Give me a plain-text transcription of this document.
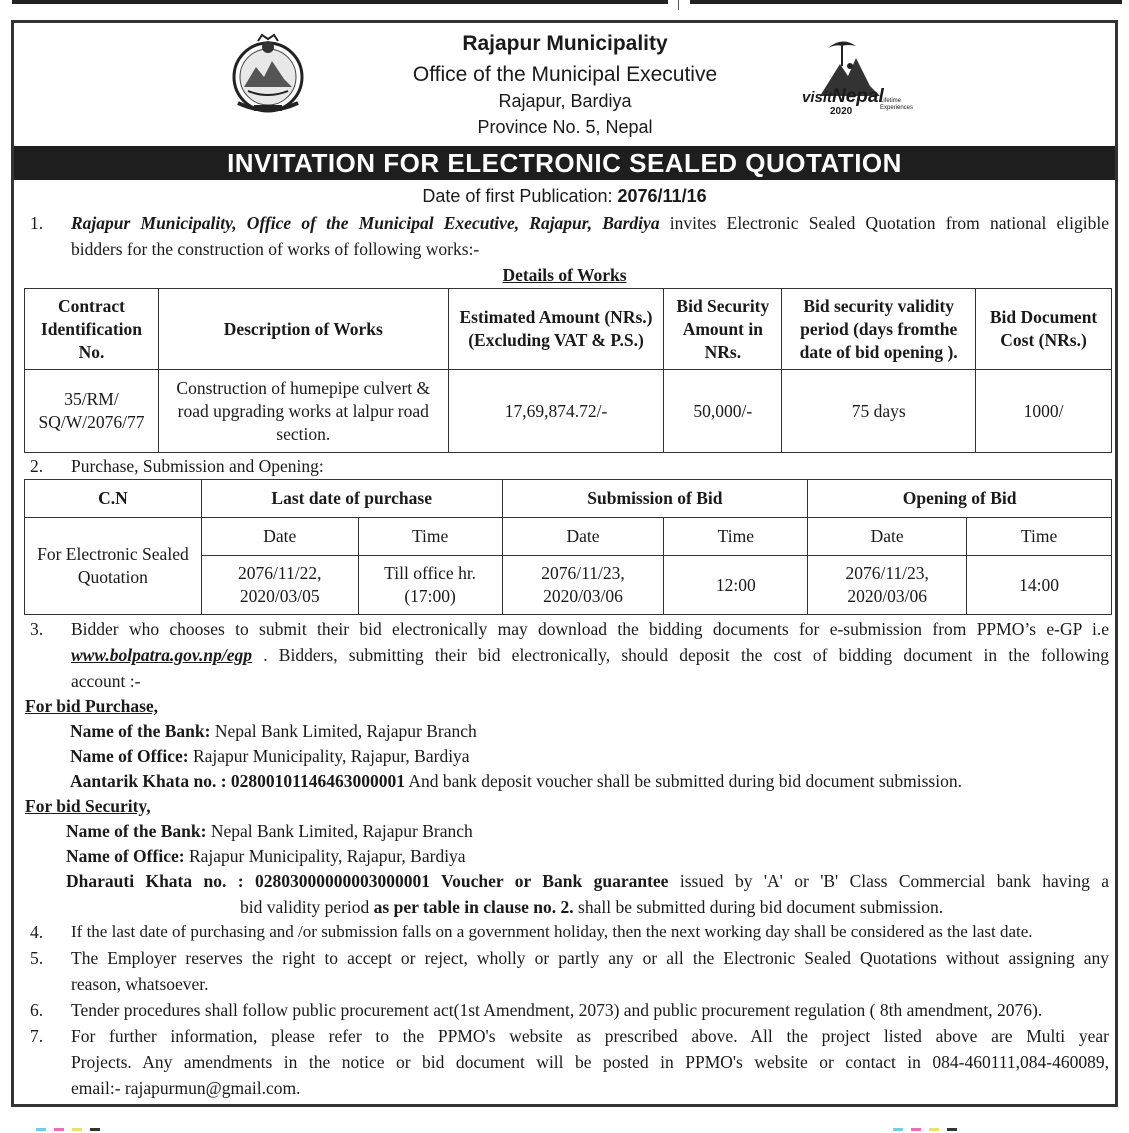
visitNepal
2020
Lifetime
Experiences
Rajapur Municipality
Office of the Municipal Executive
Rajapur, Bardiya
Province No. 5, Nepal
INVITATION FOR ELECTRONIC SEALED QUOTATION
Date of first Publication: 2076/11/16
1. Rajapur Municipality, Office of the Municipal Executive, Rajapur, Bardiya invites Electronic Sealed Quotation from national eligible
bidders for the construction of works of following works:-
Details of Works
Contract Identification No.	Description of Works	Estimated Amount (NRs.) (Excluding VAT & P.S.)	Bid Security Amount in NRs.	Bid security validity period (days fromthe date of bid opening ).	Bid Document Cost (NRs.)
35/RM/ SQ/W/2076/77	Construction of humepipe culvert & road upgrading works at lalpur road section.	17,69,874.72/-	50,000/-	75 days	1000/
2. Purchase, Submission and Opening:
C.N	Last date of purchase		Submission of Bid		Opening of Bid	
For Electronic Sealed Quotation	Date	Time	Date	Time	Date	Time
	2076/11/22, 2020/03/05	Till office hr. (17:00)	2076/11/23, 2020/03/06	12:00	2076/11/23, 2020/03/06	14:00
3. Bidder who chooses to submit their bid electronically may download the bidding documents for e-submission from PPMO’s e-GP i.e
www.bolpatra.gov.np/egp . Bidders, submitting their bid electronically, should deposit the cost of bidding document in the following
account :-
For bid Purchase,
Name of the Bank: Nepal Bank Limited, Rajapur Branch
Name of Office: Rajapur Municipality, Rajapur, Bardiya
Aantarik Khata no. : 02800101146463000001 And bank deposit voucher shall be submitted during bid document submission.
For bid Security,
Name of the Bank: Nepal Bank Limited, Rajapur Branch
Name of Office: Rajapur Municipality, Rajapur, Bardiya
Dharauti Khata no. : 02803000000003000001 Voucher or Bank guarantee issued by 'A' or 'B' Class Commercial bank having a
bid validity period as per table in clause no. 2. shall be submitted during bid document submission.
4. If the last date of purchasing and /or submission falls on a government holiday, then the next working day shall be considered as the last date.
5. The Employer reserves the right to accept or reject, wholly or partly any or all the Electronic Sealed Quotations without assigning any
reason, whatsoever.
6. Tender procedures shall follow public procurement act(1st Amendment, 2073) and public procurement regulation ( 8th amendment, 2076).
7. For further information, please refer to the PPMO's website as prescribed above. All the project listed above are Multi year
Projects. Any amendments in the notice or bid document will be posted in PPMO's website or contact in 084-460111,084-460089,
email:- rajapurmun@gmail.com.
